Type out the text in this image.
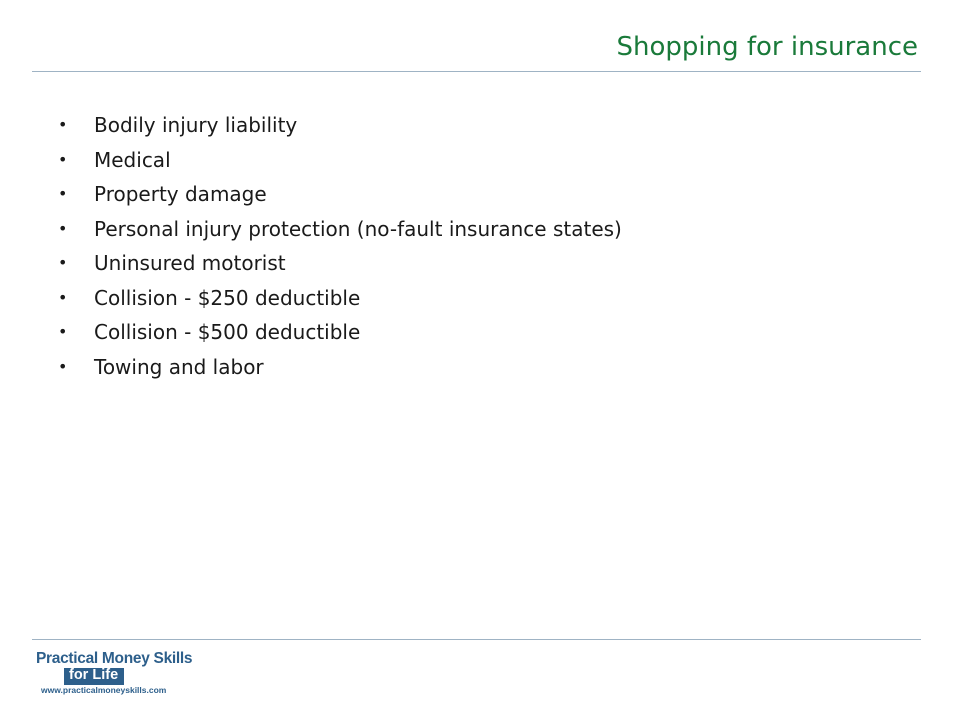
Shopping for insurance
• Bodily injury liability
• Medical
• Property damage
• Personal injury protection (no-fault insurance states)
• Uninsured motorist
• Collision - $250 deductible
• Collision - $500 deductible
• Towing and labor
Practical Money Skills
for Life
www.practicalmoneyskills.com
